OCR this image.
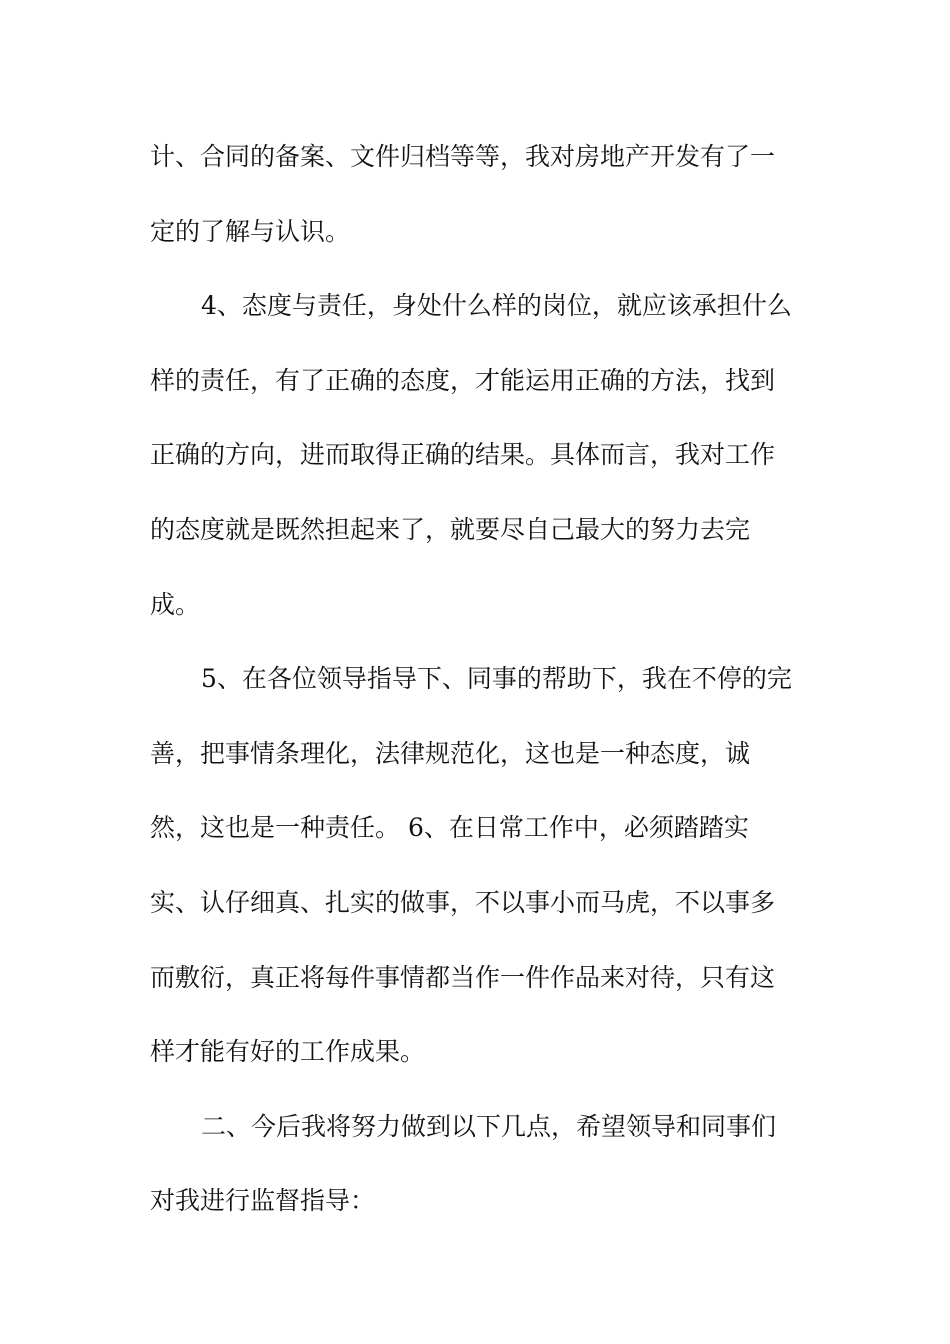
计、合同的备案、文件归档等等，我对房地产开发有了一
定的了解与认识。
4、态度与责任，身处什么样的岗位，就应该承担什么
样的责任，有了正确的态度，才能运用正确的方法，找到
正确的方向，进而取得正确的结果。具体而言，我对工作
的态度就是既然担起来了，就要尽自己最大的努力去完
成。
5、在各位领导指导下、同事的帮助下，我在不停的完
善，把事情条理化，法律规范化，这也是一种态度，诚
然，这也是一种责任。 6、在日常工作中，必须踏踏实
实、认仔细真、扎实的做事，不以事小而马虎，不以事多
而敷衍，真正将每件事情都当作一件作品来对待，只有这
样才能有好的工作成果。
二、今后我将努力做到以下几点，希望领导和同事们
对我进行监督指导：
